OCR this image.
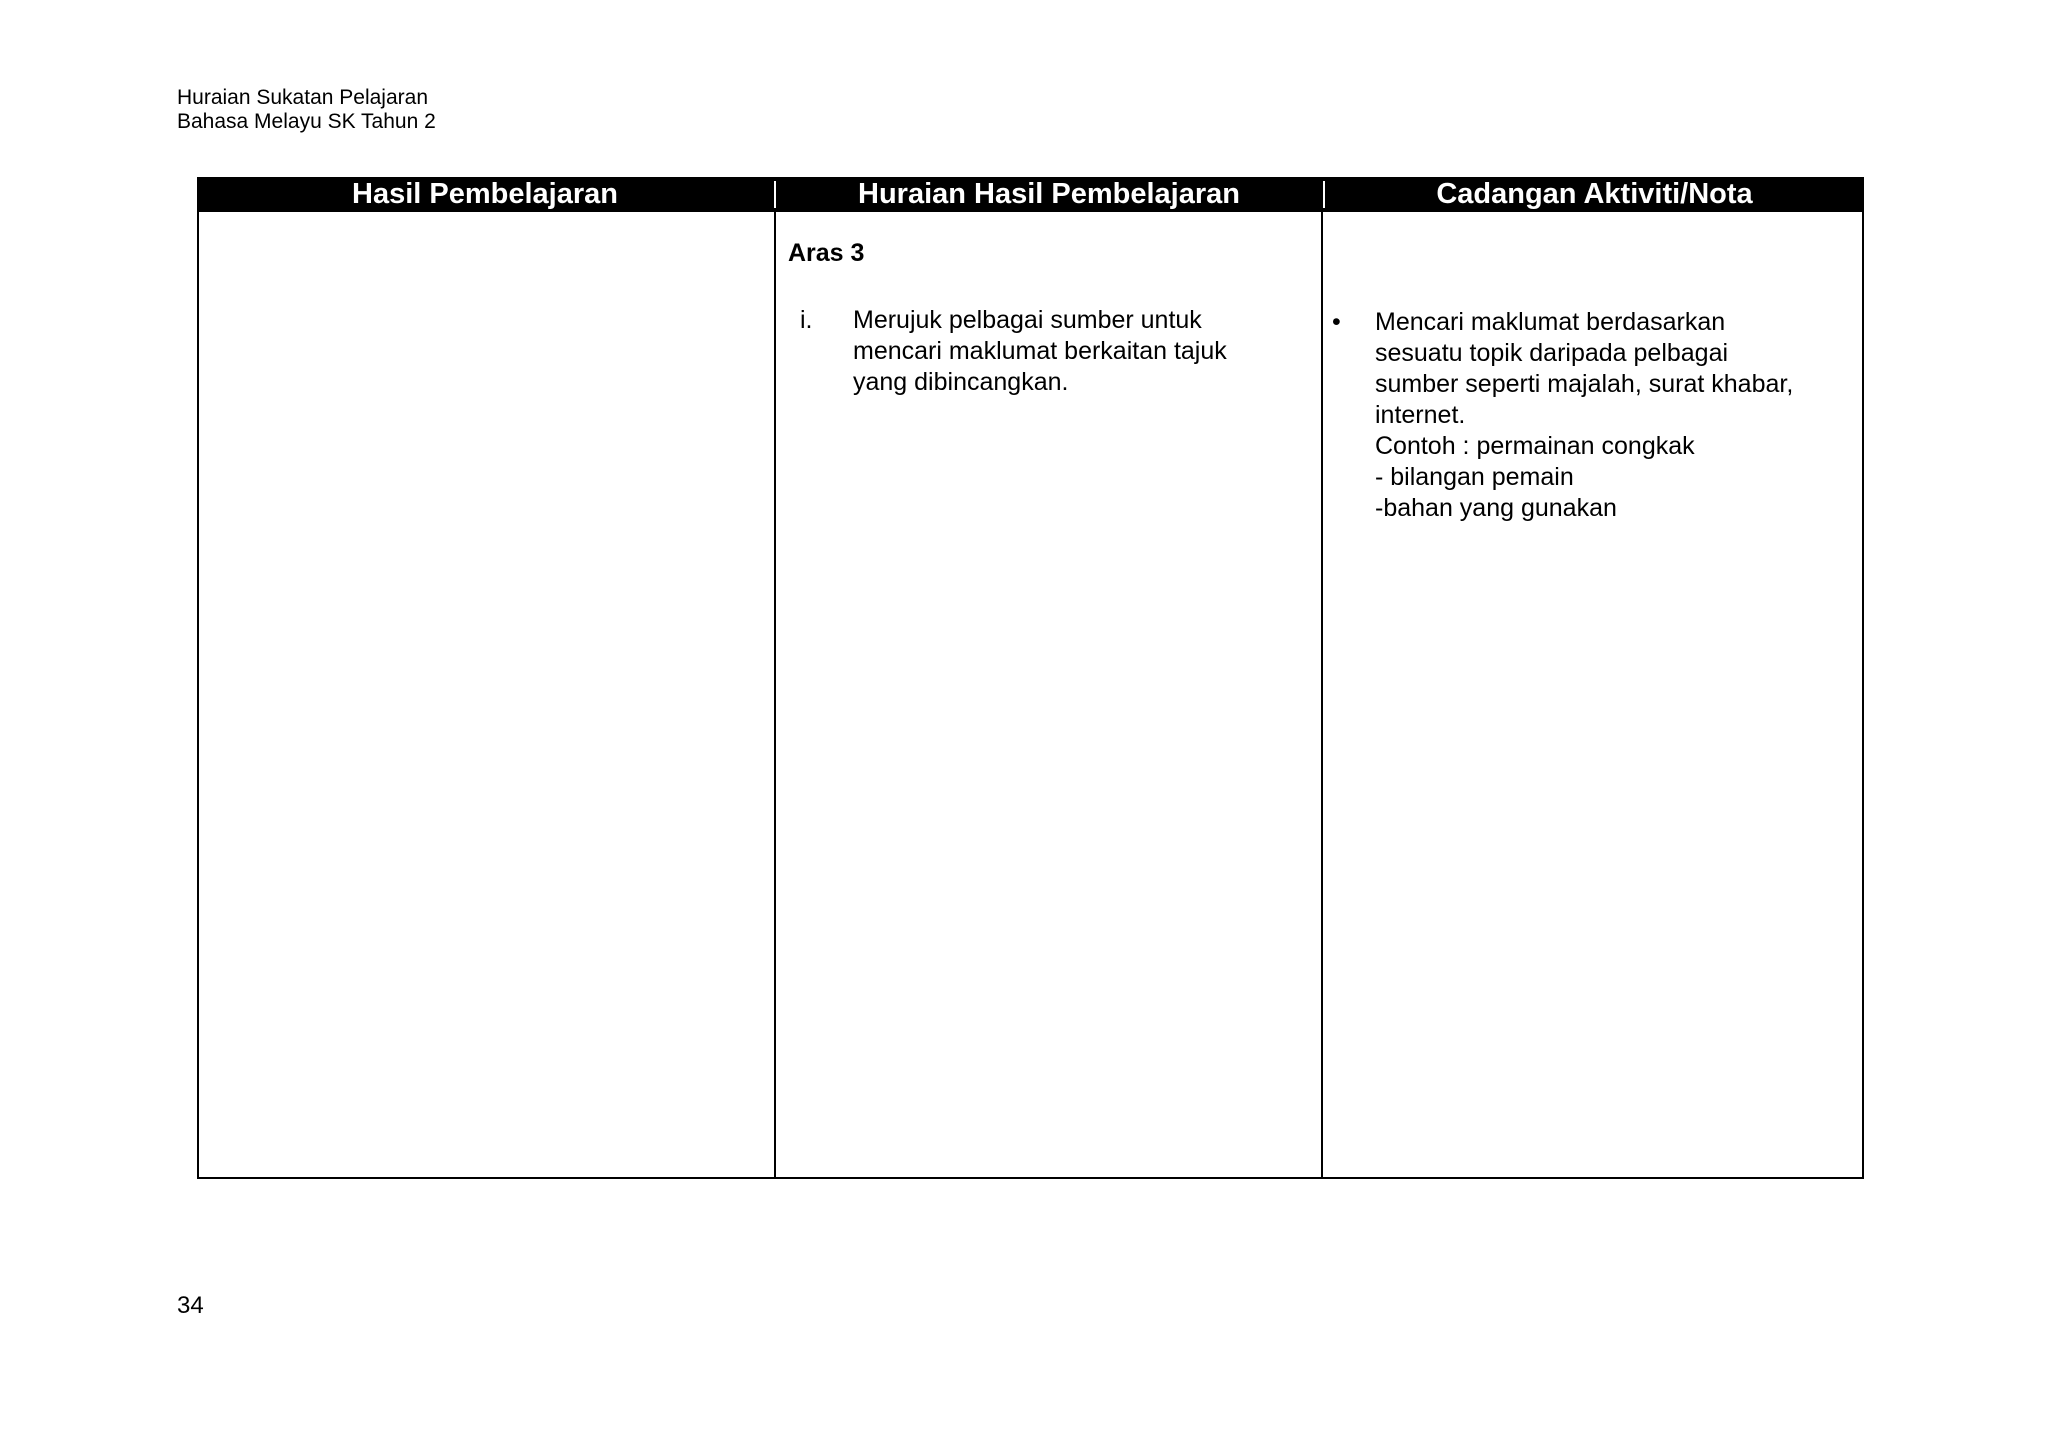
Huraian Sukatan Pelajaran
Bahasa Melayu SK Tahun 2
Hasil Pembelajaran	Huraian Hasil Pembelajaran	Cadangan Aktiviti/Nota
Aras 3
i. Merujuk pelbagai sumber untuk
mencari maklumat berkaitan tajuk
yang dibincangkan.
• Mencari maklumat berdasarkan
sesuatu topik daripada pelbagai
sumber seperti majalah, surat khabar,
internet.
Contoh : permainan congkak
- bilangan pemain
-bahan yang gunakan
34
